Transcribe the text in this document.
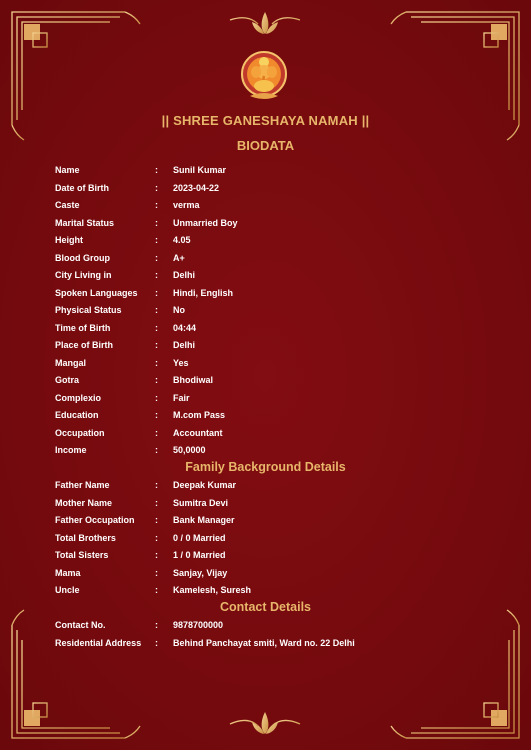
|| SHREE GANESHAYA NAMAH ||
BIODATA
Name	: Sunil Kumar
Date of Birth	: 2023-04-22
Caste	: verma
Marital Status	: Unmarried Boy
Height	: 4.05
Blood Group	: A+
City Living in	: Delhi
Spoken Languages : Hindi, English
Physical Status	: No
Time of Birth	: 04:44
Place of Birth	: Delhi
Mangal	: Yes
Gotra	: Bhodiwal
Complexio	: Fair
Education	: M.com Pass
Occupation	: Accountant
Income	: 50,0000
Family Background Details
Father Name	: Deepak Kumar
Mother Name	: Sumitra Devi
Father Occupation : Bank Manager
Total Brothers	: 0 / 0 Married
Total Sisters	: 1 / 0 Married
Mama	: Sanjay, Vijay
Uncle	: Kamelesh, Suresh
Contact Details
Contact No.	: 9878700000
Residential Address : Behind Panchayat smiti, Ward no. 22 Delhi
